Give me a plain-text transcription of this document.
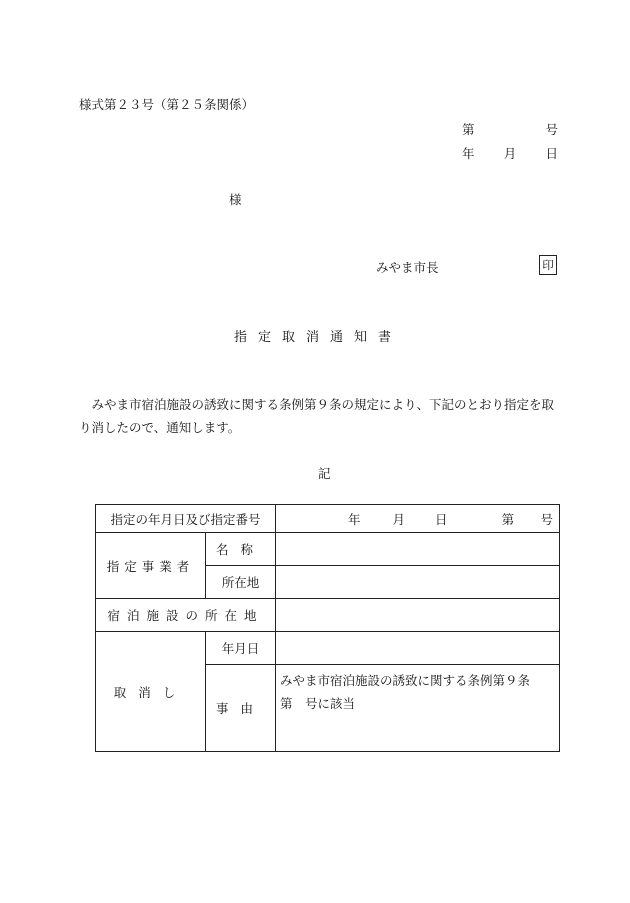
様式第２３号（第２５条関係）
第	号
年 月 日
様
みやま市長	印
指定取消通知書
みやま市宿泊施設の誘致に関する条例第９条の規定により、下記のとおり指定を取り消したので、通知します。
記
指定の年月日及び指定番号		年 月 日 第 号

指定事業者	名称	
	所在地	
宿泊施設の所在地		
取消し	年月日	
	事由	みやま市宿泊施設の誘致に関する条例第９条
第　号に該当
